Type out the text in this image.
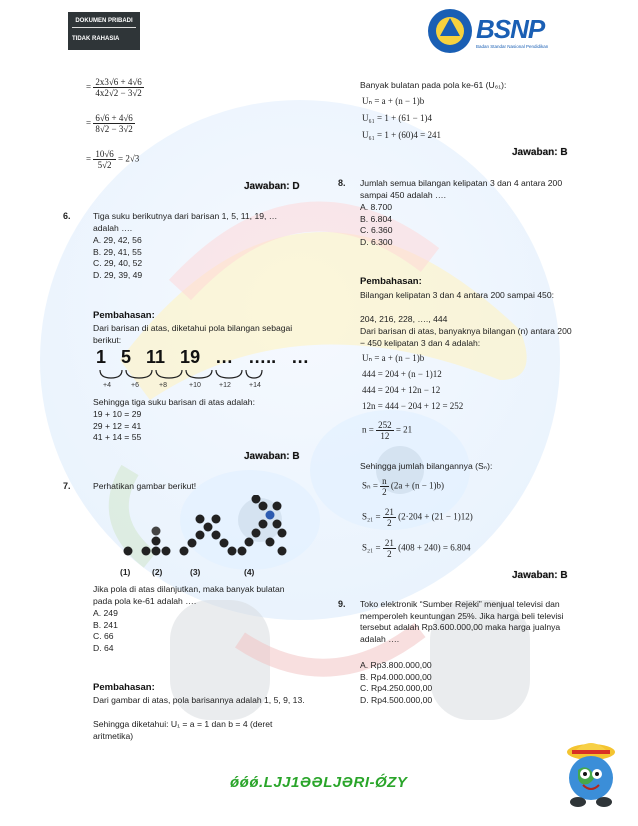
DOKUMEN PRIBADI
TIDAK RAHASIA	BSNP
Badan Standar Nasional Pendidikan
= $\frac{2x3√6 + 4√6}{4x2√2 - 3√2}$
= $\frac{6√6 + 4√6}{8√2 - 3√2}$
= $\frac{10√6}{5√2} = 2√3$
Jawaban: D
6.	Tiga suku berikutnya dari barisan 1, 5, 11, 19, … adalah ….
A. 29, 42, 56
B. 29, 41, 55
C. 29, 40, 52
D. 29, 39, 49
Pembahasan:
Dari barisan di atas, diketahui pola bilangan sebagai berikut:
1   5   11   19   …   …..   …
+4	+6	+8	+10	+12	+14
Sehingga tiga suku barisan di atas adalah:
19 + 10 = 29
29 + 12 = 41
41 + 14 = 55
Jawaban: B
7.	Perhatikan gambar berikut!
(1)	(2)	(3)	(4)
Jika pola di atas dilanjutkan, maka banyak bulatan pada pola ke-61 adalah ….
A. 249
B. 241
C. 66
D. 64
Pembahasan:
Dari gambar di atas, pola barisannya adalah 1, 5, 9, 13.
Sehingga diketahui: U₁ = a = 1 dan b = 4 (deret aritmetika)
Banyak bulatan pada pola ke-61 (U₆₁):
Uₙ = a + (n − 1)b
U₆₁ = 1 + (61 − 1)4
U₆₁ = 1 + (60)4 = 241
Jawaban: B
8. Jumlah semua bilangan kelipatan 3 dan 4 antara 200 sampai 450 adalah ….
A. 8.700
B. 6.804
C. 6.360
D. 6.300
Pembahasan:
Bilangan kelipatan 3 dan 4 antara 200 sampai 450:
204, 216, 228, …., 444
Dari barisan di atas, banyaknya bilangan (n) antara 200 − 450 kelipatan 3 dan 4 adalah:
Uₙ = a + (n − 1)b
444 = 204 + (n − 1)12
444 = 204 + 12n − 12
12n = 444 − 204 + 12 = 252
$n = \frac{252}{12} = 21$
Sehingga jumlah bilangannya (Sₙ):
$S_n = \frac{n}{2} (2a + (n - 1)b)$
$S_{21} = \frac{21}{2} (2\cdot 204 + (21 - 1)12)$
$S_{21} = \frac{21}{2} (408 + 240) = 6.804$
Jawaban: B
9. Toko elektronik “Sumber Rejeki” menjual televisi dan memperoleh keuntungan 25%. Jika harga beli televisi tersebut adalah Rp3.600.000,00 maka harga jualnya adalah ….
A. Rp3.800.000,00
B. Rp4.000.000,00
C. Rp4.250.000,00
D. Rp4.500.000,00
ǿǿǿ.LJJ1ƏƏLJƏRI-ǾZY
